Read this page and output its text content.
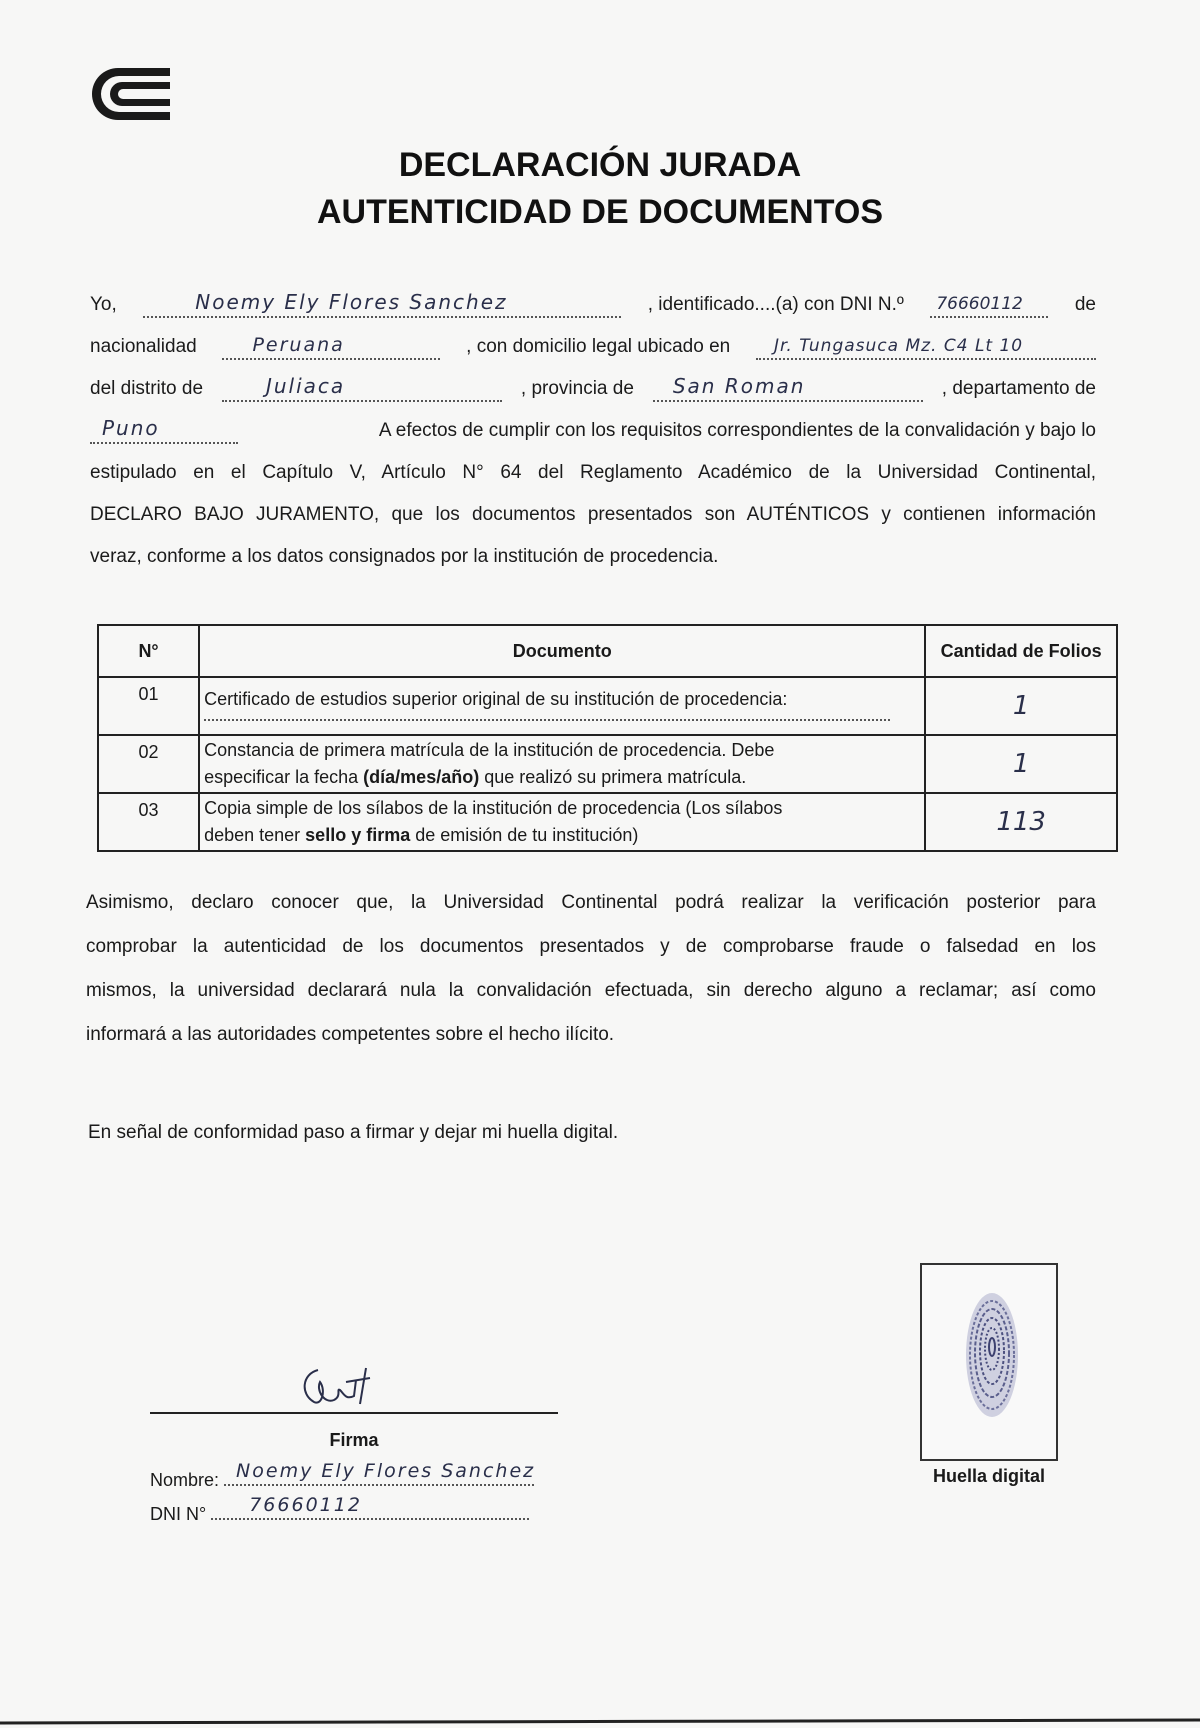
DECLARACIÓN JURADA
AUTENTICIDAD DE DOCUMENTOS
Yo,	Noemy Ely Flores Sanchez	, identificado....(a) con DNI N.º 76660112	de
nacionalidad	Peruana	, con domicilio legal ubicado en	Jr. Tungasuca Mz. C4 Lt 10
del distrito de	Juliaca	, provincia de San Roman	, departamento de
Puno	A efectos de cumplir con los requisitos correspondientes de la convalidación y bajo lo
estipulado en el Capítulo V, Artículo N° 64 del Reglamento Académico de la Universidad Continental,
DECLARO BAJO JURAMENTO, que los documentos presentados son AUTÉNTICOS y contienen información
veraz, conforme a los datos consignados por la institución de procedencia.
N°	Documento	Cantidad de Folios
01	Certificado de estudios superior original de su institución de procedencia:	1
02	Constancia de primera matrícula de la institución de procedencia. Debe
especificar la fecha (día/mes/año) que realizó su primera matrícula.	1
03	Copia simple de los sílabos de la institución de procedencia (Los sílabos
deben tener sello y firma de emisión de tu institución)	113
Asimismo, declaro conocer que, la Universidad Continental podrá realizar la verificación posterior para
comprobar la autenticidad de los documentos presentados y de comprobarse fraude o falsedad en los
mismos, la universidad declarará nula la convalidación efectuada, sin derecho alguno a reclamar; así como
informará a las autoridades competentes sobre el hecho ilícito.
En señal de conformidad paso a firmar y dejar mi huella digital.
Firma
Nombre: Noemy Ely Flores Sanchez
DNI N° 76660112
Huella digital
